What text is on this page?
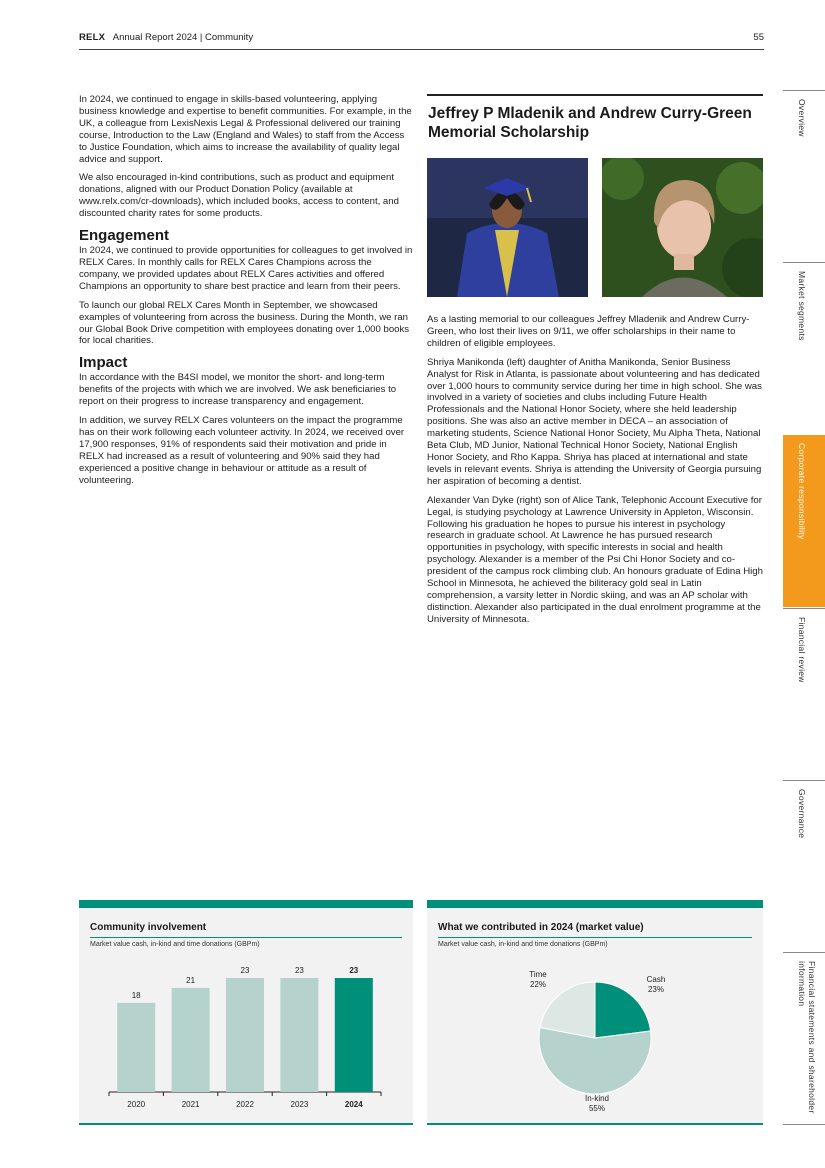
RELX Annual Report 2024 | Community	55

In 2024, we continued to engage in skills-based volunteering, applying business knowledge and expertise to benefit communities. For example, in the UK, a colleague from LexisNexis Legal & Professional delivered our training course, Introduction to the Law (England and Wales) to staff from the Access to Justice Foundation, which aims to increase the availability of quality legal advice and support.

We also encouraged in-kind contributions, such as product and equipment donations, aligned with our Product Donation Policy (available at www.relx.com/cr-downloads), which included books, access to content, and discounted charity rates for some products.

Engagement

In 2024, we continued to provide opportunities for colleagues to get involved in RELX Cares. In monthly calls for RELX Cares Champions across the company, we provided updates about RELX Cares activities and offered Champions an opportunity to share best practice and learn from their peers.

To launch our global RELX Cares Month in September, we showcased examples of volunteering from across the business. During the Month, we ran our Global Book Drive competition with employees donating over 1,000 books for local charities.

Impact

In accordance with the B4SI model, we monitor the short- and long-term benefits of the projects with which we are involved. We ask beneficiaries to report on their progress to increase transparency and engagement.

In addition, we survey RELX Cares volunteers on the impact the programme has on their work following each volunteer activity. In 2024, we received over 17,900 responses, 91% of respondents said their motivation and pride in RELX had increased as a result of volunteering and 90% said they had experienced a positive change in behaviour or attitude as a result of volunteering.

Jeffrey P Mladenik and Andrew Curry-Green Memorial Scholarship

As a lasting memorial to our colleagues Jeffrey Mladenik and Andrew Curry-Green, who lost their lives on 9/11, we offer scholarships in their name to children of eligible employees.

Shriya Manikonda (left) daughter of Anitha Manikonda, Senior Business Analyst for Risk in Atlanta, is passionate about volunteering and has dedicated over 1,000 hours to community service during her time in high school. She was involved in a variety of societies and clubs including Future Health Professionals and the National Honor Society, where she held leadership positions. She was also an active member in DECA – an association of marketing students, Science National Honor Society, Mu Alpha Theta, National Beta Club, MD Junior, National Technical Honor Society, National English Honor Society, and Rho Kappa. Shriya has placed at international and state levels in relevant events. Shriya is attending the University of Georgia pursuing her aspiration of becoming a dentist.

Alexander Van Dyke (right) son of Alice Tank, Telephonic Account Executive for Legal, is studying psychology at Lawrence University in Appleton, Wisconsin. Following his graduation he hopes to pursue his interest in psychology research in graduate school. At Lawrence he has pursued research opportunities in psychology, with specific interests in social and health psychology. Alexander is a member of the Psi Chi Honor Society and co-president of the campus rock climbing club. An honours graduate of Edina High School in Minnesota, he achieved the biliteracy gold seal in Latin comprehension, a varsity letter in Nordic skiing, and was an AP scholar with distinction. Alexander also participated in the dual enrolment programme at the University of Minnesota.

Overview
Market segments
Corporate responsibility
Financial review
Governance
Financial statements and shareholder information
Community involvement
Market value cash, in-kind and time donations (GBPm)
18
2020
21
2021
23
2022
23
2023
23
2024
What we contributed in 2024 (market value)
Market value cash, in-kind and time donations (GBPm)
Cash
23%
In-kind
55%
Time
22%
